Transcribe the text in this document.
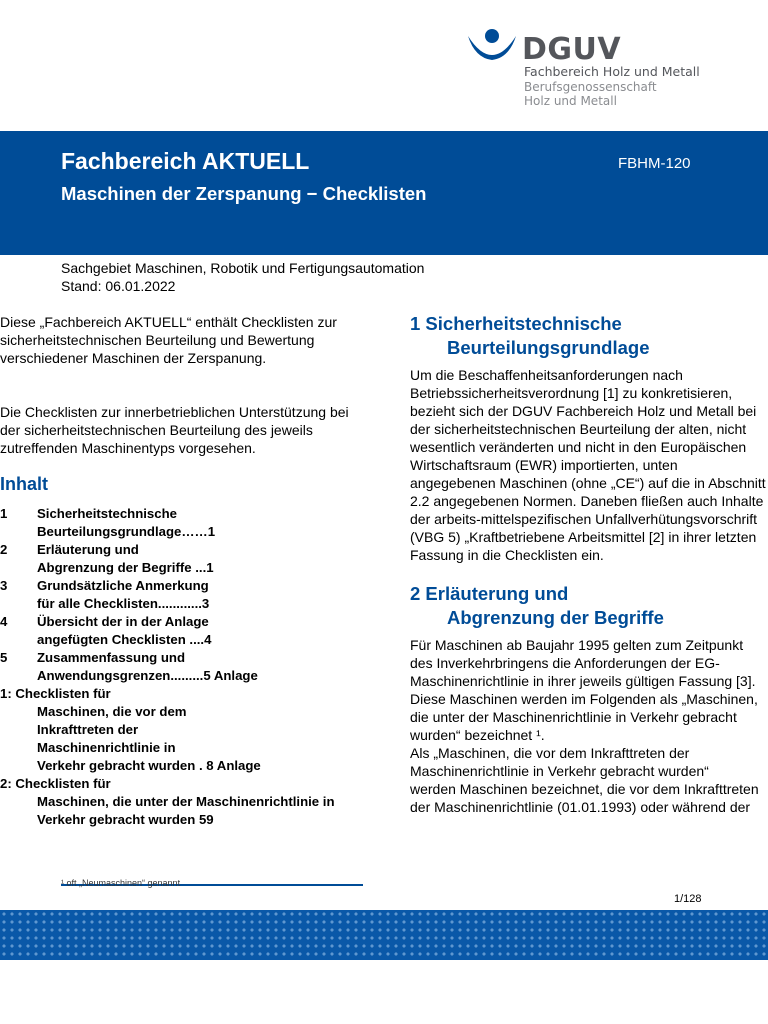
DGUV
Fachbereich Holz und Metall
Berufsgenossenschaft
Holz und Metall
Fachbereich AKTUELL
Maschinen der Zerspanung − Checklisten
FBHM-120
Sachgebiet Maschinen, Robotik und Fertigungsautomation
Stand: 06.01.2022

Diese „Fachbereich AKTUELL“ enthält Checklisten zur sicherheitstechnischen Beurteilung und Bewertung verschiedener Maschinen der Zerspanung.

Die Checklisten zur innerbetrieblichen Unterstützung bei der sicherheitstechnischen Beurteilung des jeweils zutreffenden Maschinentyps vorgesehen.

Inhalt
1	Sicherheitstechnische
Beurteilungsgrundlage……1
2	Erläuterung und
Abgrenzung der Begriffe ...1
3	Grundsätzliche Anmerkung
für alle Checklisten............3
4	Übersicht der in der Anlage
angefügten Checklisten ....4
5	Zusammenfassung und
Anwendungsgrenzen.........5 Anlage
1: Checklisten für
Maschinen, die vor dem
Inkrafttreten der
Maschinenrichtlinie in
Verkehr gebracht wurden . 8 Anlage
2: Checklisten für
Maschinen, die unter der Maschinenrichtlinie in
Verkehr gebracht wurden 59
¹ oft „Neumaschinen“ genannt
1 Sicherheitstechnische
Beurteilungsgrundlage

Um die Beschaffenheitsanforderungen nach

Betriebssicherheitsverordnung [1] zu konkretisieren,

bezieht sich der DGUV Fachbereich Holz und Metall bei

der sicherheitstechnischen Beurteilung der alten, nicht

wesentlich veränderten und nicht in den Europäischen

Wirtschaftsraum (EWR) importierten, unten

angegebenen Maschinen (ohne „CE“) auf die in Abschnitt

2.2 angegebenen Normen. Daneben fließen auch Inhalte

der arbeits-mittelspezifischen Unfallverhütungsvorschrift

(VBG 5) „Kraftbetriebene Arbeitsmittel [2] in ihrer letzten

Fassung in die Checklisten ein.

2 Erläuterung und
Abgrenzung der Begriffe

Für Maschinen ab Baujahr 1995 gelten zum Zeitpunkt

des Inverkehrbringens die Anforderungen der EG-

Maschinenrichtlinie in ihrer jeweils gültigen Fassung [3].

Diese Maschinen werden im Folgenden als „Maschinen,

die unter der Maschinenrichtlinie in Verkehr gebracht

wurden“ bezeichnet ¹.

Als „Maschinen, die vor dem Inkrafttreten der

Maschinenrichtlinie in Verkehr gebracht wurden“

werden Maschinen bezeichnet, die vor dem Inkrafttreten

der Maschinenrichtlinie (01.01.1993) oder während der

1/128
